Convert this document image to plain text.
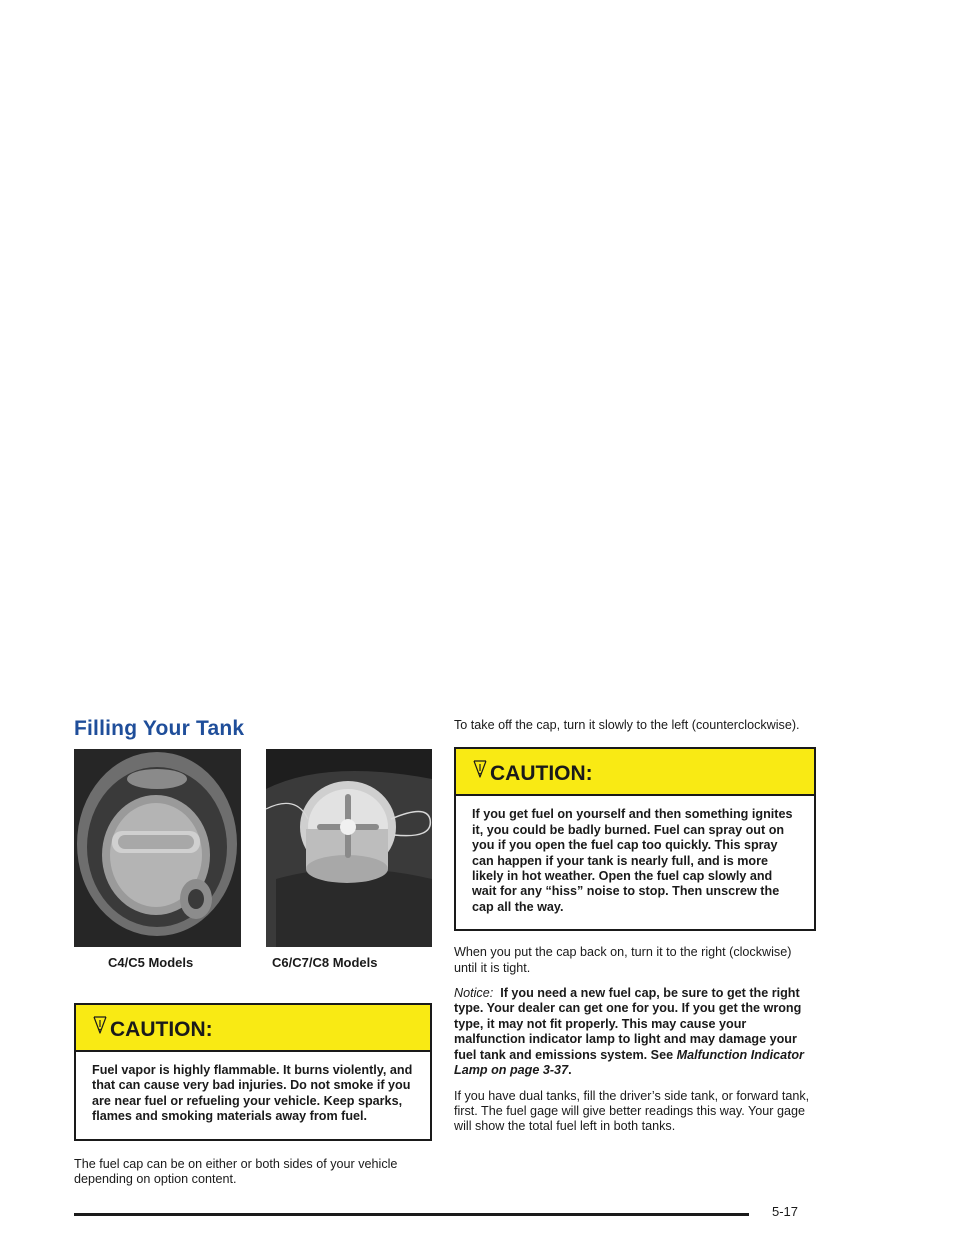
Filling Your Tank
C4/C5 Models	C6/C7/C8 Models
CAUTION:
Fuel vapor is highly flammable. It burns violently, and that can cause very bad injuries. Do not smoke if you are near fuel or refueling your vehicle. Keep sparks, flames and smoking materials away from fuel.

The fuel cap can be on either or both sides of your vehicle depending on option content.

To take off the cap, turn it slowly to the left (counterclockwise).

CAUTION:
If you get fuel on yourself and then something ignites it, you could be badly burned. Fuel can spray out on you if you open the fuel cap too quickly. This spray can happen if your tank is nearly full, and is more likely in hot weather. Open the fuel cap slowly and wait for any “hiss” noise to stop. Then unscrew the cap all the way.

When you put the cap back on, turn it to the right (clockwise) until it is tight.

Notice: If you need a new fuel cap, be sure to get the right type. Your dealer can get one for you. If you get the wrong type, it may not fit properly. This may cause your malfunction indicator lamp to light and may damage your fuel tank and emissions system. See Malfunction Indicator Lamp on page 3-37.

If you have dual tanks, fill the driver’s side tank, or forward tank, first. The fuel gage will give better readings this way. Your gage will show the total fuel left in both tanks.

5-17
